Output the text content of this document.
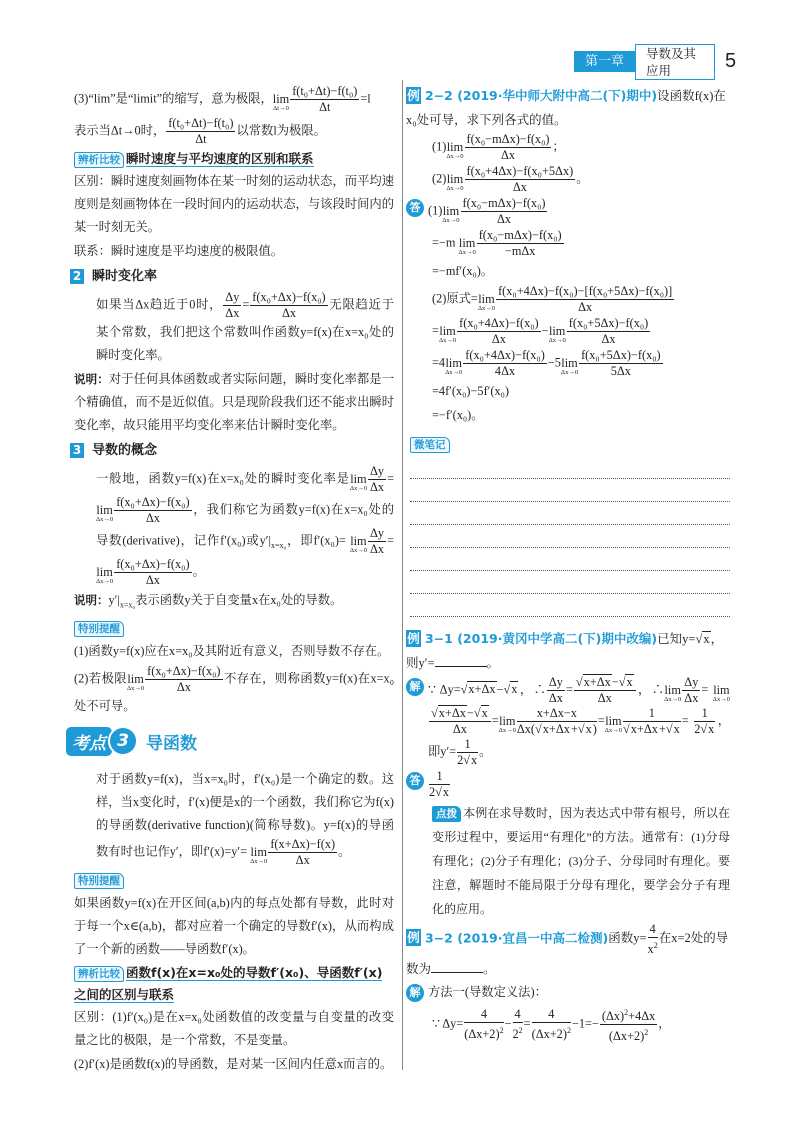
第一章
导数及其应用	5
(3)“lim”是“limit”的缩写，意为极限， lim
$\Delta t\to 0 \frac{\text{f(t₀+Δt)−f(t₀)}}{\Delta t} =l$
表示当Δt→0时， $\frac{\text{f(t₀+Δt)−f(t₀)}}{\Delta t}$ 以常数l为极限。
辨析比较 瞬时速度与平均速度的区别和联系
区别：瞬时速度刻画物体在某一时刻的运动状态，而平均速度则是刻画物体在一段时间内的运动状态，与该段时间内的某一时刻无关。
联系：瞬时速度是平均速度的极限值。
2 瞬时变化率
如果当Δx趋近于0时， $\frac{\Delta y}{\Delta x} = \frac{\text{f(x₀+Δx)−f(x₀)}}{\Delta x}$ 无限趋近于某个常数，我们把这个常数叫作函数y=f(x)在x=x₀处的瞬时变化率。
说明：对于任何具体函数或者实际问题，瞬时变化率都是一个精确值，而不是近似值。只是现阶段我们还不能求出瞬时变化率，故只能用平均变化率来估计瞬时变化率。
3 导数的概念
一般地，函数y=f(x)在x=x₀处的瞬时变化率是 lim
$\Delta x\to 0 \frac{\Delta y}{\Delta x}$ =
lim
$\Delta x\to 0 \frac{\text{f(x₀+Δx)−f(x₀)}}{\Delta x}$ ，我们称它为函数y=f(x)在x=x₀处的导数(derivative)，记作f′(x₀)或$y'|_{x=x_0}$，即f′(x₀)= lim
$\Delta x\to 0 \frac{\Delta y}{\Delta x}$ =
lim
$\Delta x\to 0 \frac{\text{f(x₀+Δx)−f(x₀)}}{\Delta x}$ 。
说明：$y'|_{x=x_0}$表示函数y关于自变量x在x₀处的导数。
特别提醒
(1)函数y=f(x)应在x=x₀及其附近有意义，否则导数不存在。
(2)若极限 lim
$\Delta x\to 0 \frac{\text{f(x₀+Δx)−f(x₀)}}{\Delta x}$ 不存在，则称函数y=f(x)在x=x₀处不可导。
考点 3	导函数
对于函数y=f(x)，当x=x₀时，f′(x₀)是一个确定的数。这样，当x变化时，f′(x)便是x的一个函数，我们称它为f(x)的导函数(derivative function)(简称导数)。y=f(x)的导函数有时也记作y′，即f′(x)=y′= lim
$\Delta x\to 0 \frac{f(x+\Delta x)-f(x)}{\Delta x}$ 。
特别提醒
如果函数y=f(x)在开区间(a,b)内的每点处都有导数，此时对于每一个x∈(a,b)，都对应着一个确定的导数f′(x)，从而构成了一个新的函数——导函数f′(x)。
辨析比较 函数f(x)在x=x₀处的导数f′(x₀)、导函数f′(x)之间的区别与联系
区别：(1)f′(x₀)是在x=x₀处函数值的改变量与自变量的改变量之比的极限，是一个常数，不是变量。
(2)f′(x)是函数f(x)的导函数，是对某一区间内任意x而言的。
例 2−2 (2019·华中师大附中高二(下)期中)设函数f(x)在x₀处可导，求下列各式的值。
(1) lim
Δx→0
f(x₀−mΔx)−f(x₀)
Δx
；
(2) lim
$\Delta x\to 0 \frac{\text{f(x₀+4Δx)−f(x₀+5Δx)}}{\Delta x}$ 。
答 (1) lim
Δx→0
f(x₀−mΔx)−f(x₀)
Δx
=−m lim
Δx→0
f(x₀−mΔx)−f(x₀)
−mΔx
=−mf′(x₀)。
(2)原式= lim
$\Delta x\to 0 \frac{\text{f(x₀+4Δx)−f(x₀)−[f(x₀+5Δx)−f(x₀)]}}{\Delta x}$
= lim
$\Delta x\to 0 \frac{\text{f(x₀+4Δx)−f(x₀)}}{\Delta x} - \lim$
$\Delta x\to 0 \frac{\text{f(x₀+5Δx)−f(x₀)}}{\Delta x}$
=4 lim
$\Delta x\to 0 \frac{\text{f(x₀+4Δx)−f(x₀)}}{4\Delta x} -5$ lim
$\Delta x\to 0 \frac{\text{f(x₀+5Δx)−f(x₀)}}{5\Delta x}$
=4f′(x₀)−5f′(x₀)
=−f′(x₀)。
微笔记
例 3−1 (2019·黄冈中学高二(下)期中改编)已知y=√x，则y′=	。
解 ∵ Δy=√x+Δx−√x，∴ $\frac{\Delta y}{\Delta x} = \frac{√x+\Delta x-√x}{\Delta x}$ ，∴ lim
$\Delta x\to 0 \frac{\Delta y}{\Delta x} = \lim$
Δx→0
$\frac{√x+\Delta x-√x}{\Delta x} = \lim$
$\Delta x\to 0 \frac{x+\Delta x-x}{\Delta x(√x+\Delta x+√x)} = \lim$
$\Delta x\to 0 \frac{1}{√x+\Delta x+√x} = \frac{1}{2√x}$ ，即$y'= \frac{1}{2√x}$ 。
答 $\frac{1}{2√x}$
点拨 本例在求导数时，因为表达式中带有根号，所以在变形过程中，要运用“有理化”的方法。通常有：(1)分母有理化；(2)分子有理化；(3)分子、分母同时有理化。要注意，解题时不能局限于分母有理化，要学会分子有理化的应用。
例 3−2 (2019·宜昌一中高二检测)函数$y= \frac{4}{x^2}$ 在x=2处的导数为	。
解 方法一(导数定义法)：
∵ $\Delta y= \frac{4}{(\Delta x+2)^2} - \frac{4}{2^2} = \frac{4}{(\Delta x+2)^2} -1=- \frac{(\Delta x)^2+4\Delta x}{(\Delta x+2)^2}$ ，
